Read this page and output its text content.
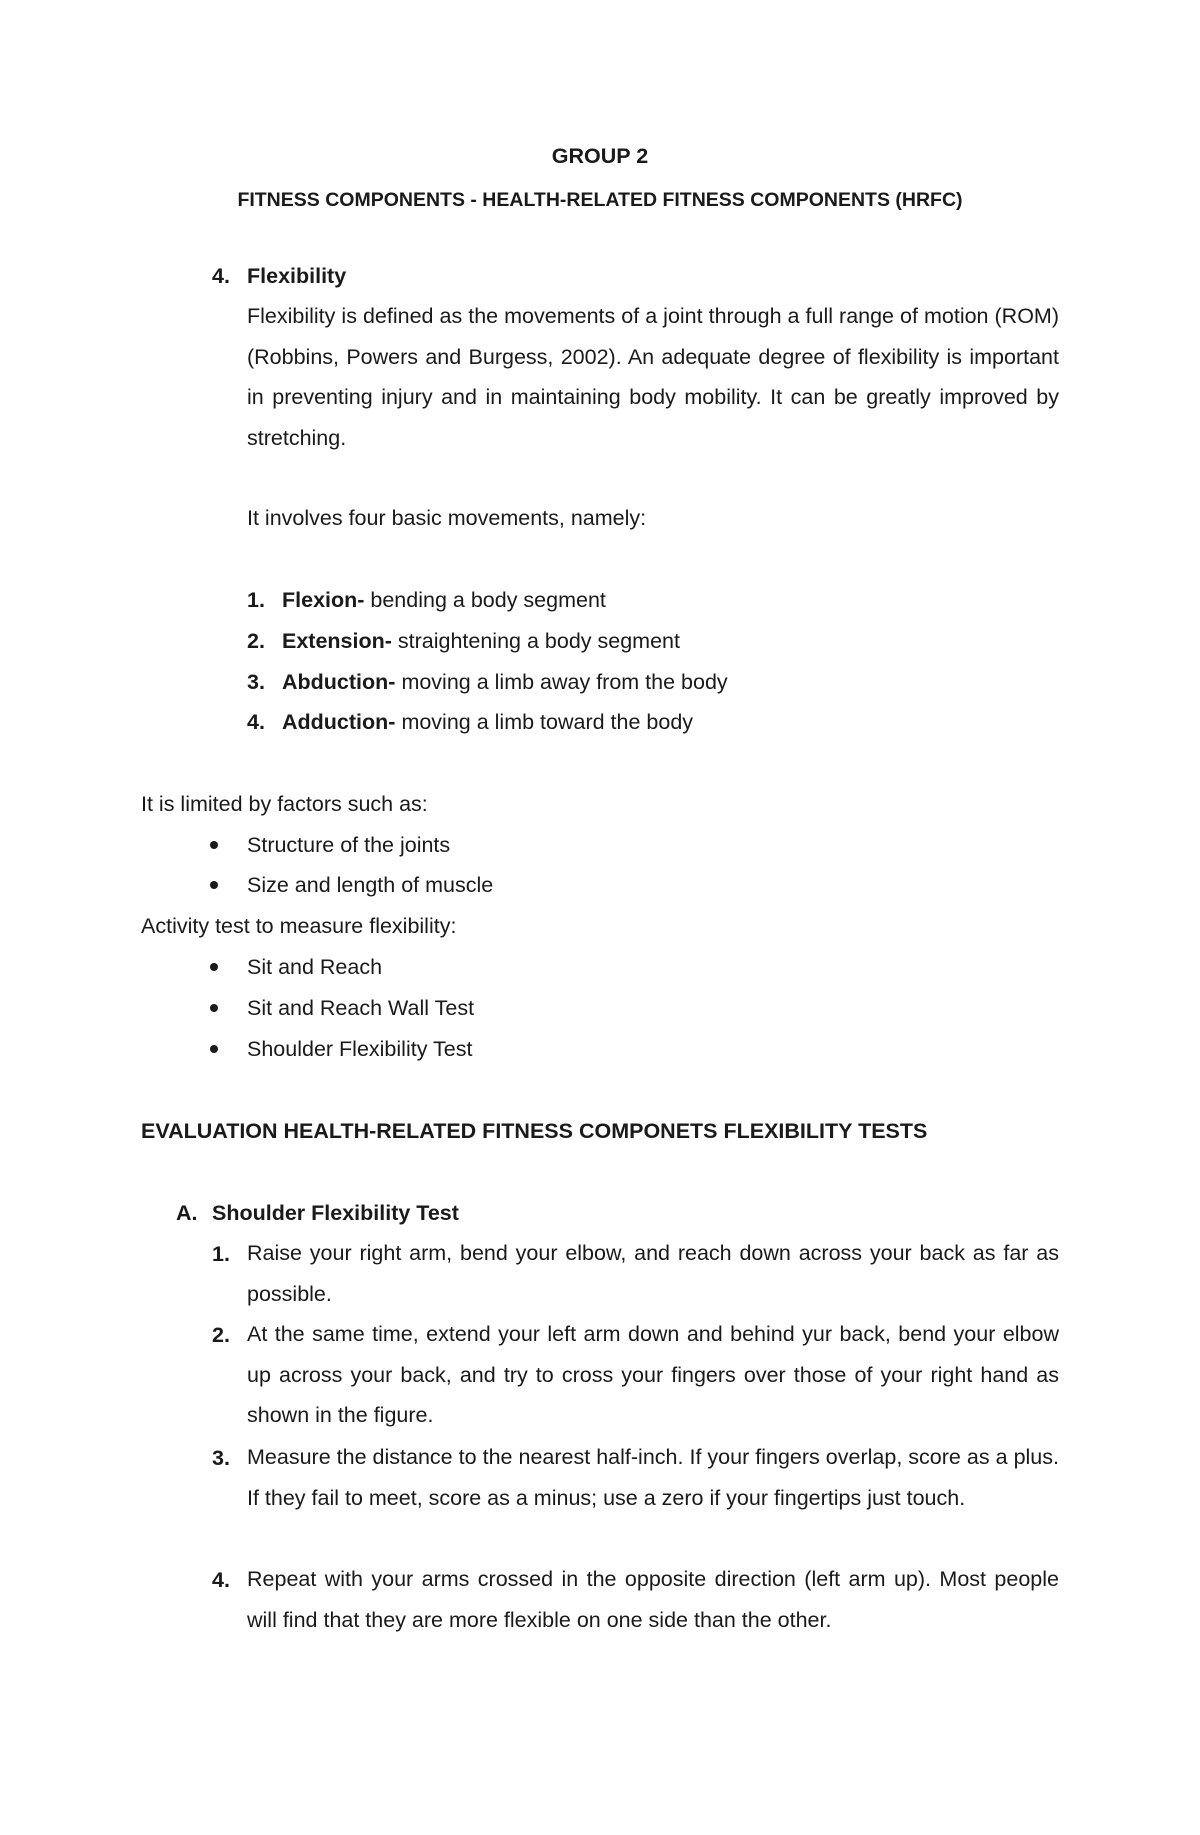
GROUP 2
FITNESS COMPONENTS - HEALTH-RELATED FITNESS COMPONENTS (HRFC)
4. Flexibility
Flexibility is defined as the movements of a joint through a full range of motion (ROM) (Robbins, Powers and Burgess, 2002). An adequate degree of flexibility is important in preventing injury and in maintaining body mobility. It can be greatly improved by stretching.
It involves four basic movements, namely:
1. Flexion- bending a body segment
2. Extension- straightening a body segment
3. Abduction- moving a limb away from the body
4. Adduction- moving a limb toward the body
It is limited by factors such as:
Structure of the joints
Size and length of muscle
Activity test to measure flexibility:
Sit and Reach
Sit and Reach Wall Test
Shoulder Flexibility Test
EVALUATION HEALTH-RELATED FITNESS COMPONETS FLEXIBILITY TESTS
A. Shoulder Flexibility Test
1. Raise your right arm, bend your elbow, and reach down across your back as far as possible.
2. At the same time, extend your left arm down and behind yur back, bend your elbow up across your back, and try to cross your fingers over those of your right hand as shown in the figure.
3. Measure the distance to the nearest half-inch. If your fingers overlap, score as a plus. If they fail to meet, score as a minus; use a zero if your fingertips just touch.
4. Repeat with your arms crossed in the opposite direction (left arm up). Most people will find that they are more flexible on one side than the other.
